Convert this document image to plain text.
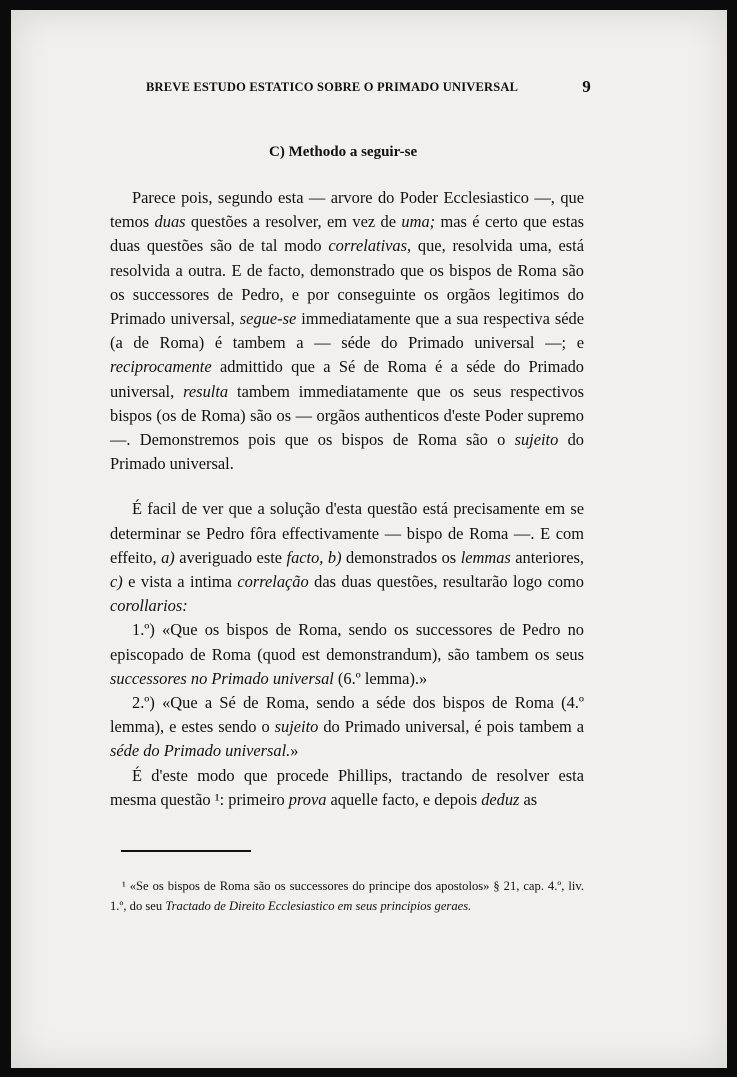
BREVE ESTUDO ESTATICO SOBRE O PRIMADO UNIVERSAL	9
C) Methodo a seguir-se

Parece pois, segundo esta — arvore do Poder Ecclesiastico —, que temos duas questões a resolver, em vez de uma; mas é certo que estas duas questões são de tal modo correlativas, que, resolvida uma, está resolvida a outra. E de facto, demonstrado que os bispos de Roma são os successores de Pedro, e por conseguinte os orgãos legitimos do Primado universal, segue-se immediatamente que a sua respectiva séde (a de Roma) é tambem a — séde do Primado universal —; e reciprocamente admittido que a Sé de Roma é a séde do Primado universal, resulta tambem immediatamente que os seus respectivos bispos (os de Roma) são os — orgãos authenticos d'este Poder supremo —. Demonstremos pois que os bispos de Roma são o sujeito do Primado universal.

É facil de ver que a solução d'esta questão está precisamente em se determinar se Pedro fôra effectivamente — bispo de Roma —. E com effeito, a) averiguado este facto, b) demonstrados os lemmas anteriores, c) e vista a intima correlação das duas questões, resultarão logo como corollarios:

1.º) «Que os bispos de Roma, sendo os successores de Pedro no episcopado de Roma (quod est demonstrandum), são tambem os seus successores no Primado universal (6.º lemma).»

2.º) «Que a Sé de Roma, sendo a séde dos bispos de Roma (4.º lemma), e estes sendo o sujeito do Primado universal, é pois tambem a séde do Primado universal.»

É d'este modo que procede Phillips, tractando de resolver esta mesma questão ¹: primeiro prova aquelle facto, e depois deduz as

¹ «Se os bispos de Roma são os successores do principe dos apostolos» § 21, cap. 4.º, liv. 1.º, do seu Tractado de Direito Ecclesiastico em seus principios geraes.
